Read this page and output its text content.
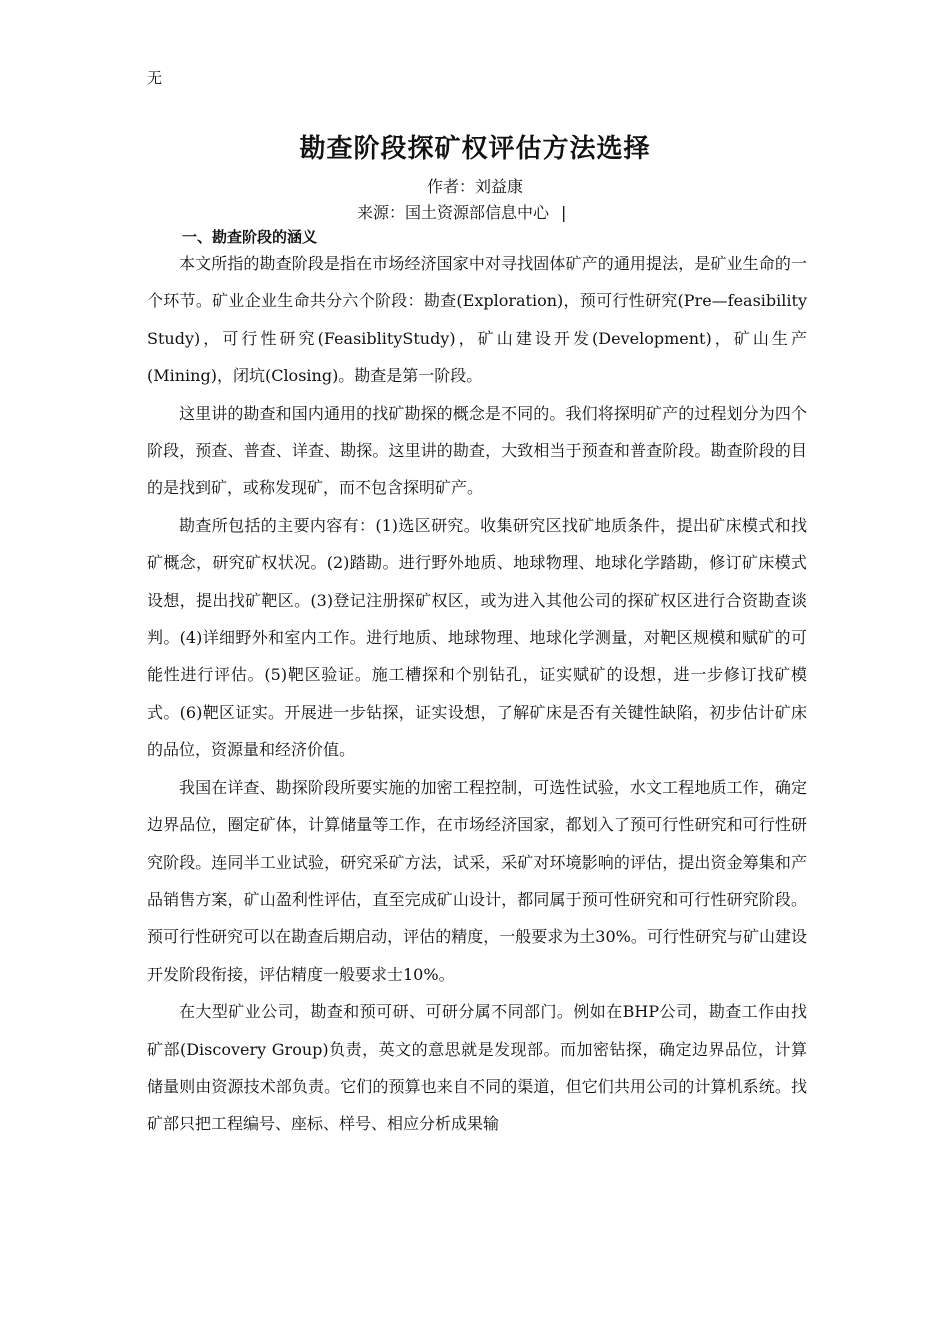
无
勘查阶段探矿权评估方法选择
作者：刘益康
来源：国土资源部信息中心 |
一、勘查阶段的涵义

本文所指的勘查阶段是指在市场经济国家中对寻找固体矿产的通用提法，是矿业生命的一个环节。矿业企业生命共分六个阶段：勘查(Exploration)，预可行性研究(Pre—feasibility Study)，可行性研究(FeasiblityStudy)，矿山建设开发(Development)，矿山生产(Mining)，闭坑(Closing)。勘查是第一阶段。

这里讲的勘查和国内通用的找矿勘探的概念是不同的。我们将探明矿产的过程划分为四个阶段，预查、普查、详查、勘探。这里讲的勘查，大致相当于预查和普查阶段。勘查阶段的目的是找到矿，或称发现矿，而不包含探明矿产。

勘查所包括的主要内容有：(1)选区研究。收集研究区找矿地质条件，提出矿床模式和找矿概念，研究矿权状况。(2)踏勘。进行野外地质、地球物理、地球化学踏勘，修订矿床模式设想，提出找矿靶区。(3)登记注册探矿权区，或为进入其他公司的探矿权区进行合资勘查谈判。(4)详细野外和室内工作。进行地质、地球物理、地球化学测量，对靶区规模和赋矿的可能性进行评估。(5)靶区验证。施工槽探和个别钻孔，证实赋矿的设想，进一步修订找矿模式。(6)靶区证实。开展进一步钻探，证实设想，了解矿床是否有关键性缺陷，初步估计矿床的品位，资源量和经济价值。

我国在详查、勘探阶段所要实施的加密工程控制，可选性试验，水文工程地质工作，确定边界品位，圈定矿体，计算储量等工作，在市场经济国家，都划入了预可行性研究和可行性研究阶段。连同半工业试验，研究采矿方法，试采，采矿对环境影响的评估，提出资金筹集和产品销售方案，矿山盈利性评估，直至完成矿山设计，都同属于预可性研究和可行性研究阶段。预可行性研究可以在勘查后期启动，评估的精度，一般要求为土30%。可行性研究与矿山建设开发阶段衔接，评估精度一般要求士10%。

在大型矿业公司，勘查和预可研、可研分属不同部门。例如在BHP公司，勘查工作由找矿部(Discovery Group)负责，英文的意思就是发现部。而加密钻探，确定边界品位，计算储量则由资源技术部负责。它们的预算也来自不同的渠道，但它们共用公司的计算机系统。找矿部只把工程编号、座标、样号、相应分析成果输
